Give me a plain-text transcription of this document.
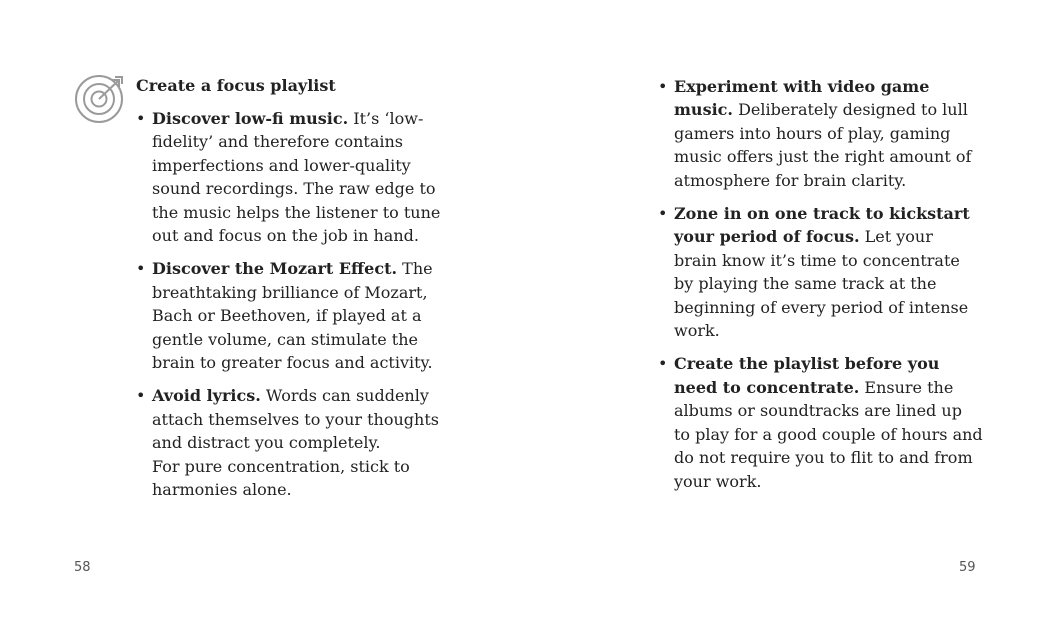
Create a focus playlist
• Discover low-fi music. It’s ‘low-
fidelity’ and therefore contains imperfections and lower-quality sound recordings. The raw edge to the music helps the listener to tune out and focus on the job in hand.
• Discover the Mozart Effect. The
breathtaking brilliance of Mozart, Bach or Beethoven, if played at a gentle volume, can stimulate the brain to greater focus and activity.
• Avoid lyrics. Words can suddenly
attach themselves to your thoughts and distract you completely.
For pure concentration, stick to harmonies alone.
58
• Experiment with video game
music. Deliberately designed to lull
gamers into hours of play, gaming music offers just the right amount of atmosphere for brain clarity.
• Zone in on one track to kickstart
your period of focus. Let your
brain know it’s time to concentrate by playing the same track at the beginning of every period of intense work.
• Create the playlist before you
need to concentrate. Ensure the
albums or soundtracks are lined up to play for a good couple of hours and do not require you to flit to and from your work.
59
